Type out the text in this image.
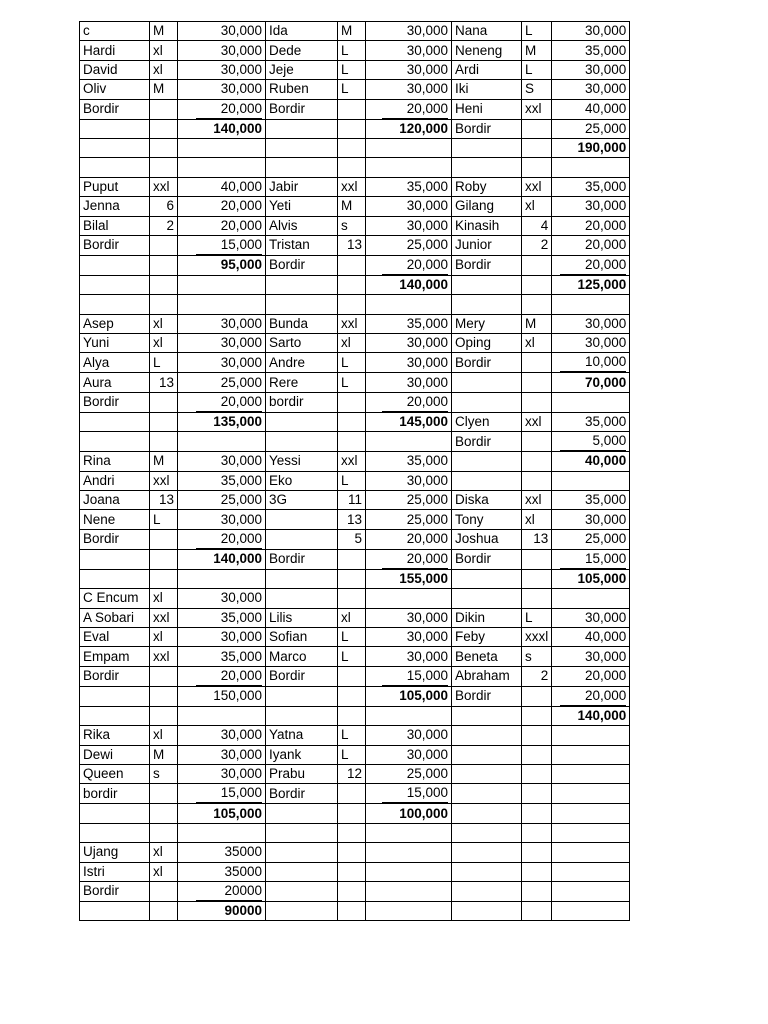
c	M	30,000	Ida	M	30,000	Nana	L	30,000
Hardi	xl	30,000	Dede	L	30,000	Neneng	M	35,000
David	xl	30,000	Jeje	L	30,000	Ardi	L	30,000
Oliv	M	30,000	Ruben	L	30,000	Iki	S	30,000
Bordir		20,000	Bordir		20,000	Heni	xxl	40,000
		140,000			120,000	Bordir		25,000
								190,000

Puput	xxl	40,000	Jabir	xxl	35,000	Roby	xxl	35,000
Jenna	6	20,000	Yeti	M	30,000	Gilang	xl	30,000
Bilal	2	20,000	Alvis	s	30,000	Kinasih	4	20,000
Bordir		15,000	Tristan	13	25,000	Junior	2	20,000
		95,000	Bordir		20,000	Bordir		20,000
					140,000			125,000

Asep	xl	30,000	Bunda	xxl	35,000	Mery	M	30,000
Yuni	xl	30,000	Sarto	xl	30,000	Oping	xl	30,000
Alya	L	30,000	Andre	L	30,000	Bordir		10,000
Aura	13	25,000	Rere	L	30,000			70,000
Bordir		20,000	bordir		20,000			
		135,000			145,000	Clyen	xxl	35,000
						Bordir		5,000
Rina	M	30,000	Yessi	xxl	35,000			40,000
Andri	xxl	35,000	Eko	L	30,000			
Joana	13	25,000	3G	11	25,000	Diska	xxl	35,000
Nene	L	30,000		13	25,000	Tony	xl	30,000
Bordir		20,000		5	20,000	Joshua	13	25,000
		140,000	Bordir		20,000	Bordir		15,000
					155,000			105,000
C Encum	xl	30,000						
A Sobari	xxl	35,000	Lilis	xl	30,000	Dikin	L	30,000
Eval	xl	30,000	Sofian	L	30,000	Feby	xxxl	40,000
Empam	xxl	35,000	Marco	L	30,000	Beneta	s	30,000
Bordir		20,000	Bordir		15,000	Abraham	2	20,000
		150,000			105,000	Bordir		20,000
								140,000
Rika	xl	30,000	Yatna	L	30,000			
Dewi	M	30,000	Iyank	L	30,000			
Queen	s	30,000	Prabu	12	25,000			
bordir		15,000	Bordir		15,000			
		105,000			100,000			

Ujang	xl	35000						
Istri	xl	35000						
Bordir		20000						
		90000						
